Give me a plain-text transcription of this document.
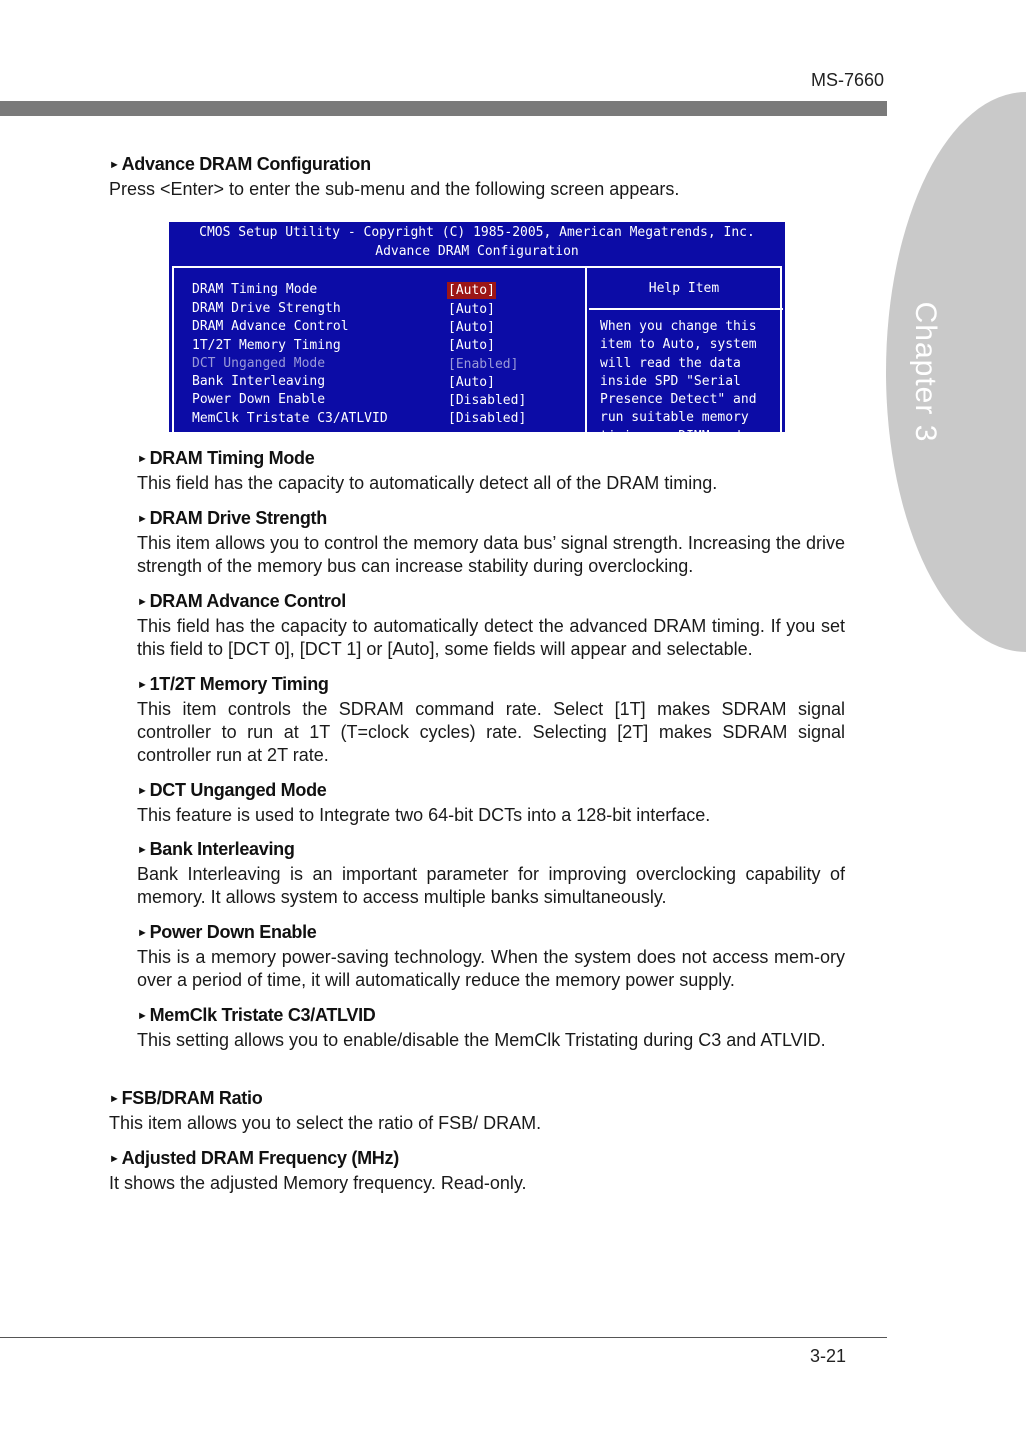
MS-7660
Chapter 3
► Advance DRAM Configuration
Press <Enter> to enter the sub-menu and the following screen appears.
CMOS Setup Utility - Copyright (C) 1985-2005, American Megatrends, Inc.
Advance DRAM Configuration
Help Item
When you change this
item to Auto, system
will read the data
inside SPD "Serial
Presence Detect" and
run suitable memory
timing on DIMM and
DRAM Timing Mode	[Auto]
DRAM Drive Strength	[Auto]
DRAM Advance Control	[Auto]
1T/2T Memory Timing	[Auto]
DCT Unganged Mode	[Enabled]
Bank Interleaving	[Auto]
Power Down Enable	[Disabled]
MemClk Tristate C3/ATLVID	[Disabled]
► DRAM Timing Mode
This field has the capacity to automatically detect all of the DRAM timing.
► DRAM Drive Strength
This item allows you to control the memory data bus’ signal strength. Increasing the drive strength of the memory bus can increase stability during overclocking.
► DRAM Advance Control
This field has the capacity to automatically detect the advanced DRAM timing. If you set this field to [DCT 0], [DCT 1] or [Auto], some fields will appear and selectable.
► 1T/2T Memory Timing
This item controls the SDRAM command rate. Select [1T] makes SDRAM signal controller to run at 1T (T=clock cycles) rate. Selecting [2T] makes SDRAM signal controller run at 2T rate.
► DCT Unganged Mode
This feature is used to Integrate two 64-bit DCTs into a 128-bit interface.
► Bank Interleaving
Bank Interleaving is an important parameter for improving overclocking capability of memory. It allows system to access multiple banks simultaneously.
► Power Down Enable
This is a memory power-saving technology. When the system does not access mem-ory over a period of time, it will automatically reduce the memory power supply.
► MemClk Tristate C3/ATLVID
This setting allows you to enable/disable the MemClk Tristating during C3 and ATLVID.
► FSB/DRAM Ratio
This item allows you to select the ratio of FSB/ DRAM.
► Adjusted DRAM Frequency (MHz)
It shows the adjusted Memory frequency. Read-only.
3-21
